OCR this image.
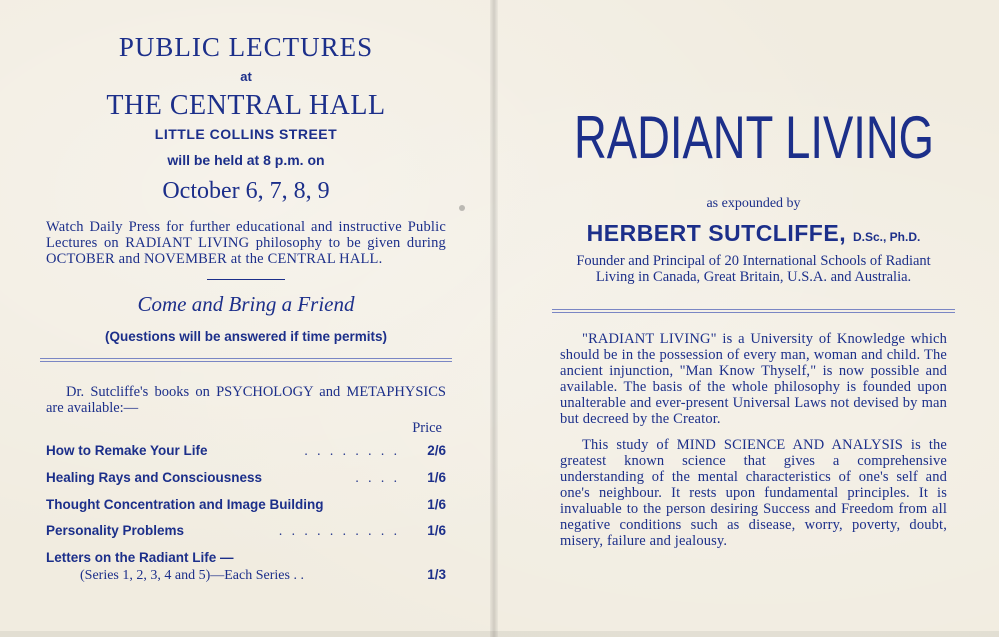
PUBLIC LECTURES
at
THE CENTRAL HALL
LITTLE COLLINS STREET
will be held at 8 p.m. on
October 6, 7, 8, 9
Watch Daily Press for further educational and instructive Public Lectures on RADIANT LIVING philosophy to be given during OCTOBER and NOVEMBER at the CENTRAL HALL.
Come and Bring a Friend
(Questions will be answered if time permits)
Dr. Sutcliffe's books on PSYCHOLOGY and METAPHYSICS are available:—
Price
How to Remake Your Life	. . . . . . . .	2/6
Healing Rays and Consciousness	. . . .	1/6
Thought Concentration and Image Building	1/6
Personality Problems	. . . . . . . . . .	1/6
Letters on the Radiant Life —
(Series 1, 2, 3, 4 and 5)—Each Series . .	1/3
RADIANT LIVING
as expounded by
HERBERT SUTCLIFFE, D.Sc., Ph.D.
Founder and Principal of 20 International Schools of Radiant Living in Canada, Great Britain, U.S.A. and Australia.
"RADIANT LIVING" is a University of Knowledge which should be in the possession of every man, woman and child. The ancient injunction, "Man Know Thyself," is now possible and available. The basis of the whole philosophy is founded upon unalterable and ever-present Universal Laws not devised by man but decreed by the Creator.
This study of MIND SCIENCE AND ANALYSIS is the greatest known science that gives a comprehensive understanding of the mental characteristics of one's self and one's neighbour. It rests upon fundamental principles. It is invaluable to the person desiring Success and Freedom from all negative conditions such as disease, worry, poverty, doubt, misery, failure and jealousy.
